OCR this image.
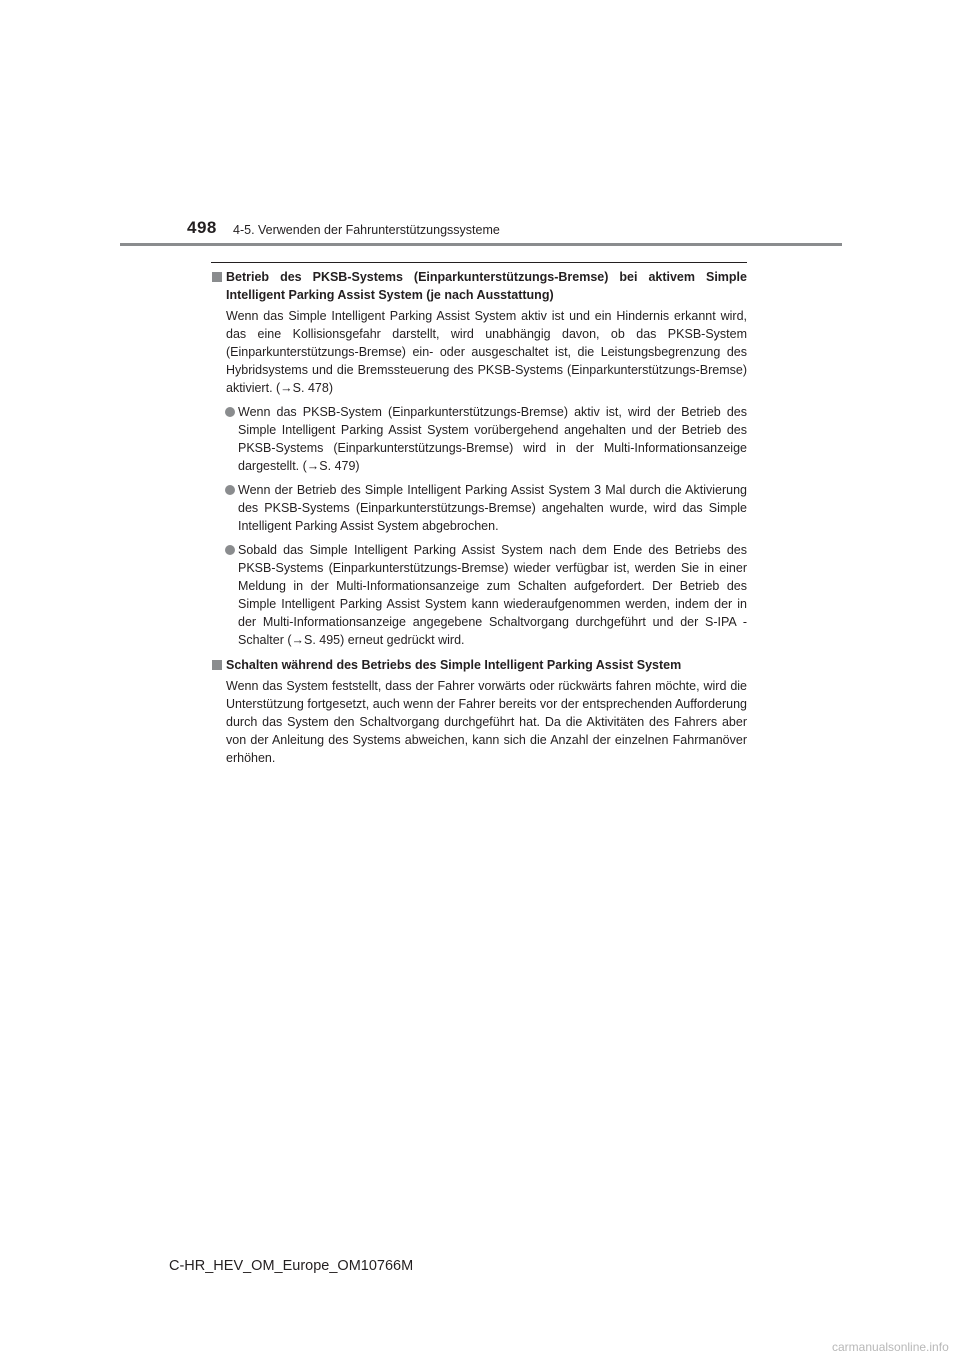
498 4-5. Verwenden der Fahrunterstützungssysteme
Betrieb des PKSB-Systems (Einparkunterstützungs-Bremse) bei aktivem Simple Intelligent Parking Assist System (je nach Ausstattung)
Wenn das Simple Intelligent Parking Assist System aktiv ist und ein Hindernis erkannt wird, das eine Kollisionsgefahr darstellt, wird unabhängig davon, ob das PKSB-System (Einparkunterstützungs-Bremse) ein- oder ausgeschaltet ist, die Leistungsbegrenzung des Hybridsystems und die Bremssteuerung des PKSB-Systems (Einparkunterstützungs-Bremse) aktiviert. (→S. 478)
Wenn das PKSB-System (Einparkunterstützungs-Bremse) aktiv ist, wird der Betrieb des Simple Intelligent Parking Assist System vorübergehend angehalten und der Betrieb des PKSB-Systems (Einparkunterstützungs-Bremse) wird in der Multi-Informationsanzeige dargestellt. (→S. 479)
Wenn der Betrieb des Simple Intelligent Parking Assist System 3 Mal durch die Aktivierung des PKSB-Systems (Einparkunterstützungs-Bremse) angehalten wurde, wird das Simple Intelligent Parking Assist System abgebrochen.
Sobald das Simple Intelligent Parking Assist System nach dem Ende des Betriebs des PKSB-Systems (Einparkunterstützungs-Bremse) wieder verfügbar ist, werden Sie in einer Meldung in der Multi-Informationsanzeige zum Schalten aufgefordert. Der Betrieb des Simple Intelligent Parking Assist System kann wiederaufgenommen werden, indem der in der Multi-Informationsanzeige angegebene Schaltvorgang durchgeführt und der S-IPA -Schalter (→S. 495) erneut gedrückt wird.
Schalten während des Betriebs des Simple Intelligent Parking Assist System
Wenn das System feststellt, dass der Fahrer vorwärts oder rückwärts fahren möchte, wird die Unterstützung fortgesetzt, auch wenn der Fahrer bereits vor der entsprechenden Aufforderung durch das System den Schaltvorgang durchgeführt hat. Da die Aktivitäten des Fahrers aber von der Anleitung des Systems abweichen, kann sich die Anzahl der einzelnen Fahrmanöver erhöhen.
C-HR_HEV_OM_Europe_OM10766M
carmanualsonline.info
